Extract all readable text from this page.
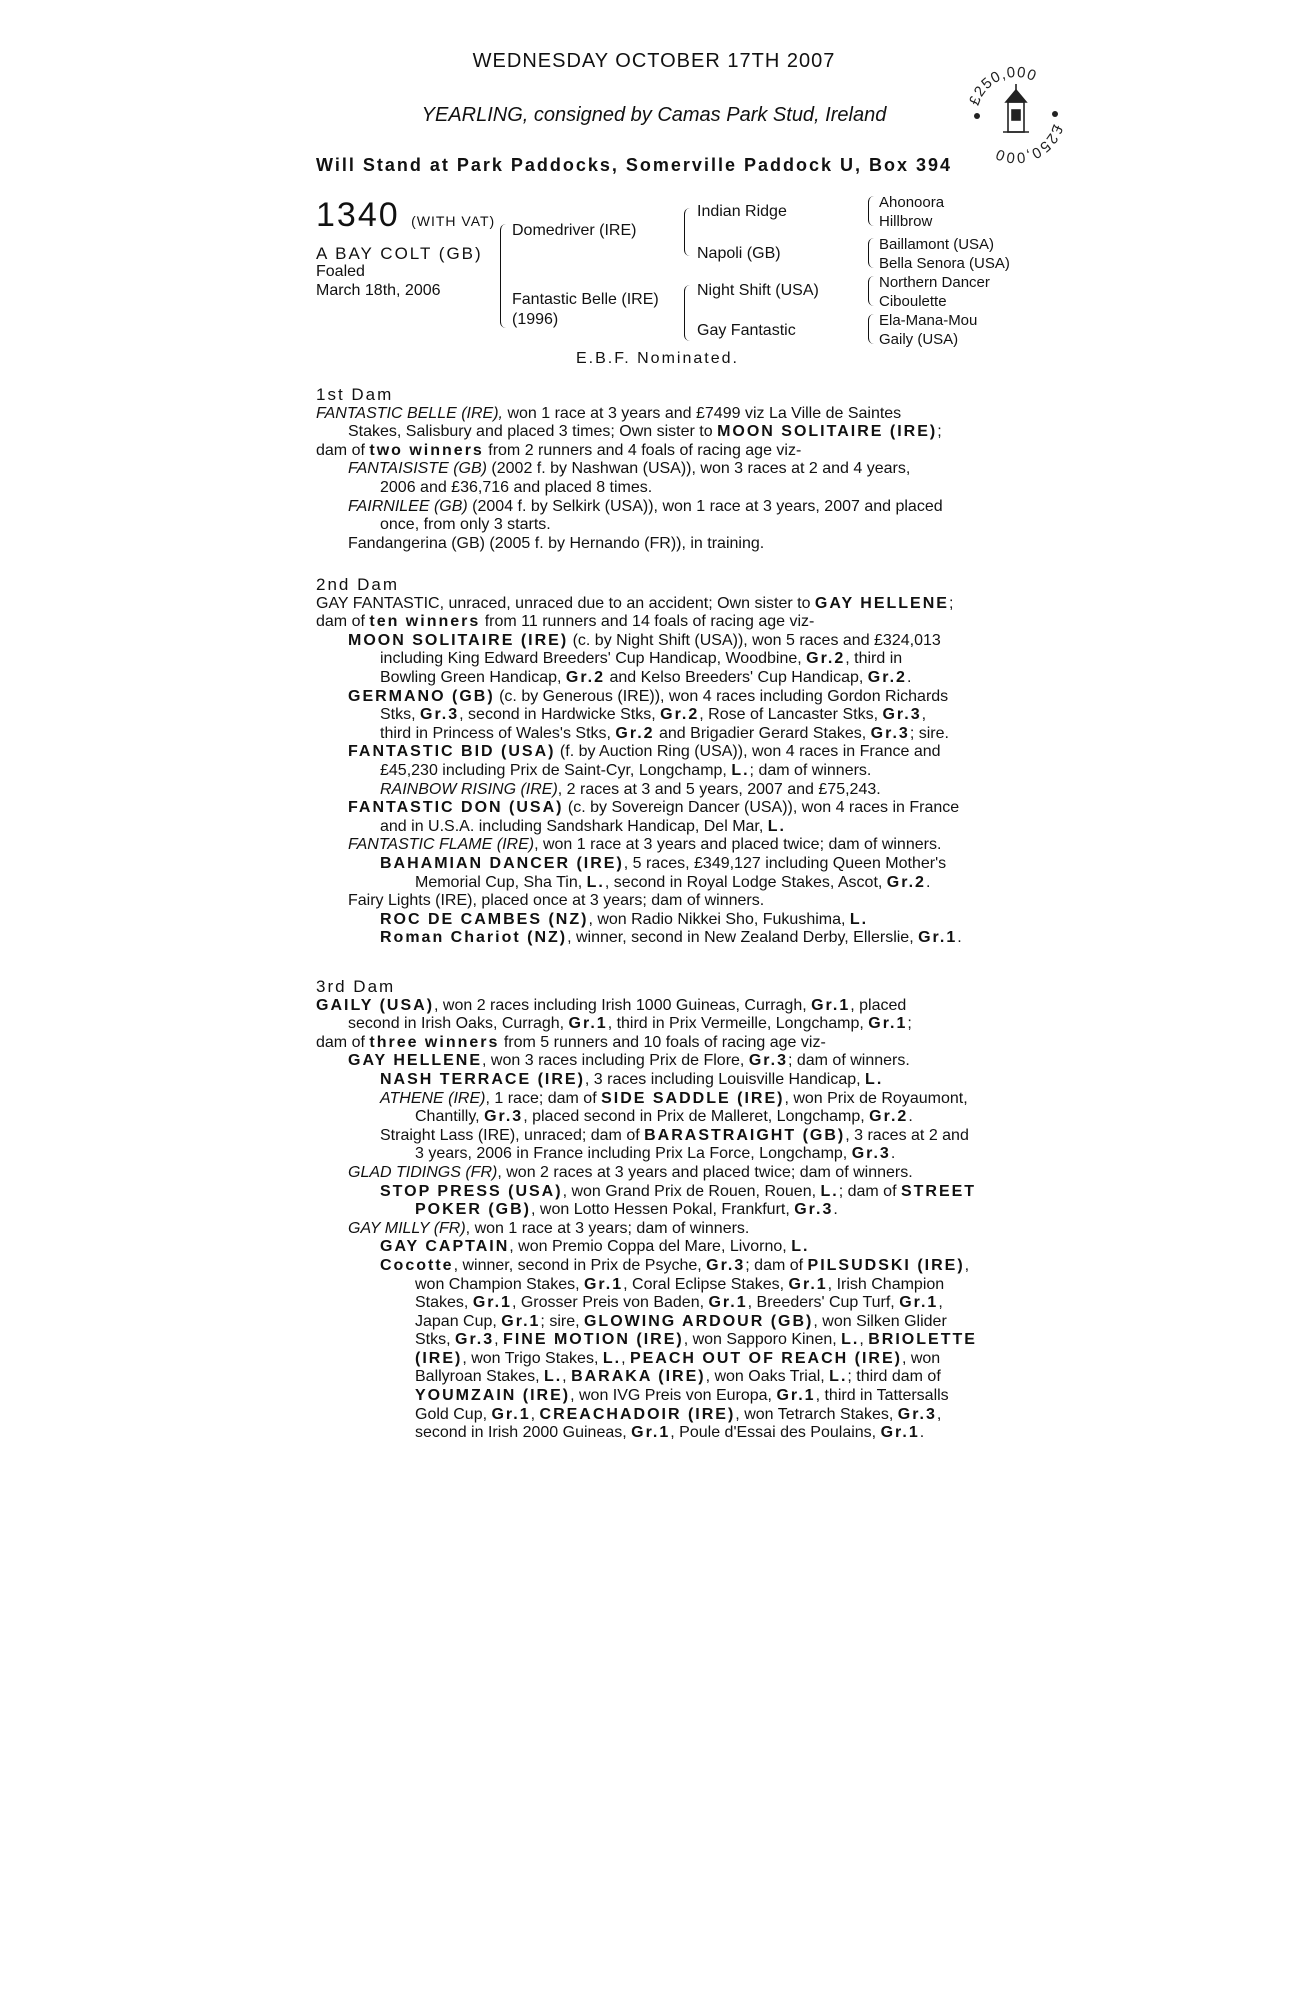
WEDNESDAY OCTOBER 17TH 2007
YEARLING, consigned by Camas Park Stud, Ireland
Will Stand at Park Paddocks, Somerville Paddock U, Box 394
£250,000
£250,000
1340 (WITH VAT)
A BAY COLT (GB)
Foaled
March 18th, 2006
Domedriver (IRE)
Fantastic Belle (IRE)
(1996)
Indian Ridge
Napoli (GB)
Night Shift (USA)
Gay Fantastic
Ahonoora
Hillbrow
Baillamont (USA)
Bella Senora (USA)
Northern Dancer
Ciboulette
Ela-Mana-Mou
Gaily (USA)
E.B.F. Nominated.
1st Dam
FANTASTIC BELLE (IRE), won 1 race at 3 years and £7499 viz La Ville de Saintes
Stakes, Salisbury and placed 3 times; Own sister to MOON SOLITAIRE (IRE);
dam of two winners from 2 runners and 4 foals of racing age viz-
FANTAISISTE (GB) (2002 f. by Nashwan (USA)), won 3 races at 2 and 4 years,
2006 and £36,716 and placed 8 times.
FAIRNILEE (GB) (2004 f. by Selkirk (USA)), won 1 race at 3 years, 2007 and placed
once, from only 3 starts.
Fandangerina (GB) (2005 f. by Hernando (FR)), in training.
2nd Dam
GAY FANTASTIC, unraced, unraced due to an accident; Own sister to GAY HELLENE;
dam of ten winners from 11 runners and 14 foals of racing age viz-
MOON SOLITAIRE (IRE) (c. by Night Shift (USA)), won 5 races and £324,013
including King Edward Breeders' Cup Handicap, Woodbine, Gr.2, third in
Bowling Green Handicap, Gr.2 and Kelso Breeders' Cup Handicap, Gr.2.
GERMANO (GB) (c. by Generous (IRE)), won 4 races including Gordon Richards
Stks, Gr.3, second in Hardwicke Stks, Gr.2, Rose of Lancaster Stks, Gr.3,
third in Princess of Wales's Stks, Gr.2 and Brigadier Gerard Stakes, Gr.3; sire.
FANTASTIC BID (USA) (f. by Auction Ring (USA)), won 4 races in France and
£45,230 including Prix de Saint-Cyr, Longchamp, L.; dam of winners.
RAINBOW RISING (IRE), 2 races at 3 and 5 years, 2007 and £75,243.
FANTASTIC DON (USA) (c. by Sovereign Dancer (USA)), won 4 races in France
and in U.S.A. including Sandshark Handicap, Del Mar, L.
FANTASTIC FLAME (IRE), won 1 race at 3 years and placed twice; dam of winners.
BAHAMIAN DANCER (IRE), 5 races, £349,127 including Queen Mother's
Memorial Cup, Sha Tin, L., second in Royal Lodge Stakes, Ascot, Gr.2.
Fairy Lights (IRE), placed once at 3 years; dam of winners.
ROC DE CAMBES (NZ), won Radio Nikkei Sho, Fukushima, L.
Roman Chariot (NZ), winner, second in New Zealand Derby, Ellerslie, Gr.1.
3rd Dam
GAILY (USA), won 2 races including Irish 1000 Guineas, Curragh, Gr.1, placed
second in Irish Oaks, Curragh, Gr.1, third in Prix Vermeille, Longchamp, Gr.1;
dam of three winners from 5 runners and 10 foals of racing age viz-
GAY HELLENE, won 3 races including Prix de Flore, Gr.3; dam of winners.
NASH TERRACE (IRE), 3 races including Louisville Handicap, L.
ATHENE (IRE), 1 race; dam of SIDE SADDLE (IRE), won Prix de Royaumont,
Chantilly, Gr.3, placed second in Prix de Malleret, Longchamp, Gr.2.
Straight Lass (IRE), unraced; dam of BARASTRAIGHT (GB), 3 races at 2 and
3 years, 2006 in France including Prix La Force, Longchamp, Gr.3.
GLAD TIDINGS (FR), won 2 races at 3 years and placed twice; dam of winners.
STOP PRESS (USA), won Grand Prix de Rouen, Rouen, L.; dam of STREET
POKER (GB), won Lotto Hessen Pokal, Frankfurt, Gr.3.
GAY MILLY (FR), won 1 race at 3 years; dam of winners.
GAY CAPTAIN, won Premio Coppa del Mare, Livorno, L.
Cocotte, winner, second in Prix de Psyche, Gr.3; dam of PILSUDSKI (IRE),
won Champion Stakes, Gr.1, Coral Eclipse Stakes, Gr.1, Irish Champion
Stakes, Gr.1, Grosser Preis von Baden, Gr.1, Breeders' Cup Turf, Gr.1,
Japan Cup, Gr.1; sire, GLOWING ARDOUR (GB), won Silken Glider
Stks, Gr.3, FINE MOTION (IRE), won Sapporo Kinen, L., BRIOLETTE
(IRE), won Trigo Stakes, L., PEACH OUT OF REACH (IRE), won
Ballyroan Stakes, L., BARAKA (IRE), won Oaks Trial, L.; third dam of
YOUMZAIN (IRE), won IVG Preis von Europa, Gr.1, third in Tattersalls
Gold Cup, Gr.1, CREACHADOIR (IRE), won Tetrarch Stakes, Gr.3,
second in Irish 2000 Guineas, Gr.1, Poule d'Essai des Poulains, Gr.1.
